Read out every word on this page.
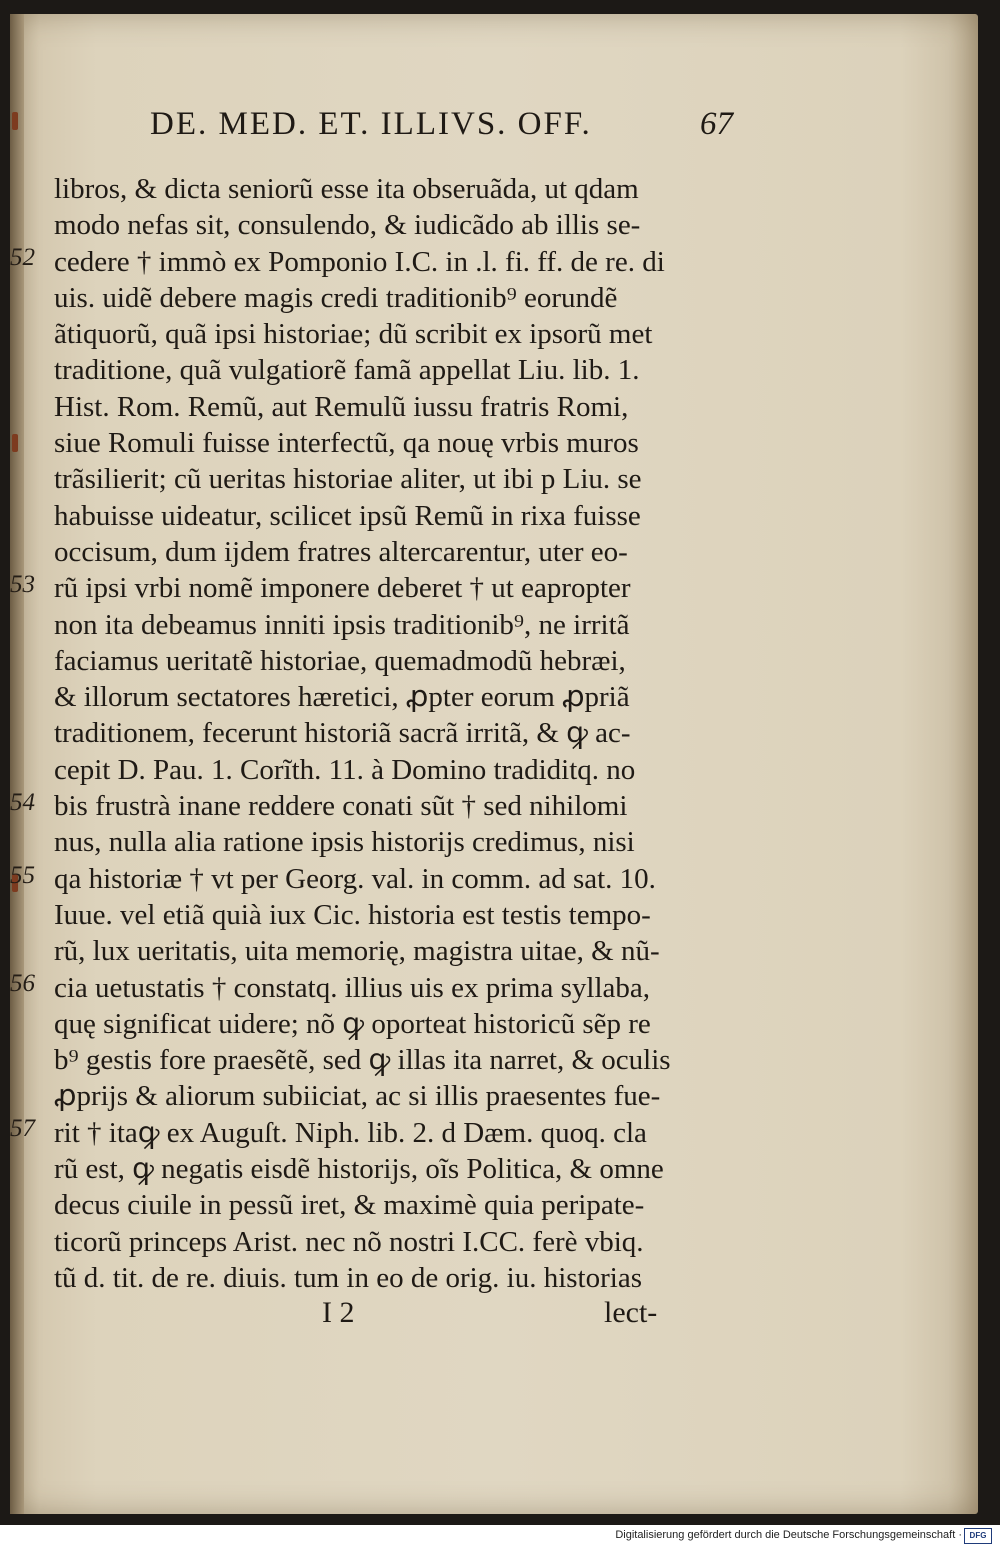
DE. MED. ET. ILLIVS. OFF.	67
libros, & dicta seniorũ esse ita obseruãda, ut qdam
modo nefas sit, consulendo, & iudicãdo ab illis se-
cedere † immò ex Pomponio I.C. in .l. fi. ff. de re. di
uis. uidẽ debere magis credi traditionib⁹ eorundẽ
ãtiquorũ, quã ipsi historiae; dũ scribit ex ipsorũ met
traditione, quã vulgatiorẽ famã appellat Liu. lib. 1.
Hist. Rom. Remũ, aut Remulũ iussu fratris Romi,
siue Romuli fuisse interfectũ, qa nouę vrbis muros
trãsilierit; cũ ueritas historiae aliter, ut ibi p Liu. se
habuisse uideatur, scilicet ipsũ Remũ in rixa fuisse
occisum, dum ijdem fratres altercarentur, uter eo-
rũ ipsi vrbi nomẽ imponere deberet † ut eapropter
non ita debeamus inniti ipsis traditionib⁹, ne irritã
faciamus ueritatẽ historiae, quemadmodũ hebræi,
& illorum sectatores hæretici, ꝓpter eorum ꝓpriã
traditionem, fecerunt historiã sacrã irritã, & ꝙ ac-
cepit D. Pau. 1. Corĩth. 11. à Domino tradiditq. no
bis frustrà inane reddere conati sũt † sed nihilomi
nus, nulla alia ratione ipsis historijs credimus, nisi
qa historiæ † vt per Georg. val. in comm. ad sat. 10.
Iuue. vel etiã quià iux Cic. historia est testis tempo-
rũ, lux ueritatis, uita memorię, magistra uitae, & nũ-
cia uetustatis † constatq. illius uis ex prima syllaba,
quę significat uidere; nõ ꝙ oporteat historicũ sẽp re
b⁹ gestis fore praesẽtẽ, sed ꝙ illas ita narret, & oculis
ꝓprijs & aliorum subiiciat, ac si illis praesentes fue-
rit † itaꝙ ex Auguſt. Niph. lib. 2. d Dæm. quoq. cla
rũ est, ꝙ negatis eisdẽ historijs, oĩs Politica, & omne
decus ciuile in pessũ iret, & maximè quia peripate-
ticorũ princeps Arist. nec nõ nostri I.CC. ferè vbiq.
tũ d. tit. de re. diuis. tum in eo de orig. iu. historias
52
53
54
55
56
57
I 2	lect-
Digitalisierung gefördert durch die Deutsche Forschungsgemeinschaft · DFG
